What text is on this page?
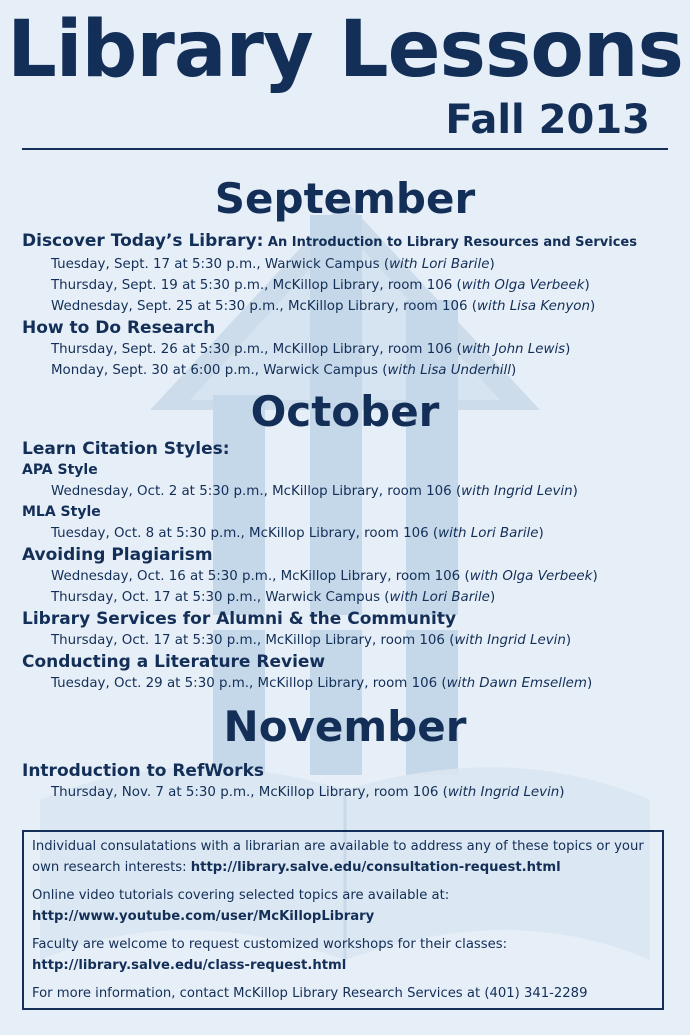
Library Lessons
Fall 2013
September
Discover Today’s Library: An Introduction to Library Resources and Services
Tuesday, Sept. 17 at 5:30 p.m., Warwick Campus (with Lori Barile)
Thursday, Sept. 19 at 5:30 p.m., McKillop Library, room 106 (with Olga Verbeek)
Wednesday, Sept. 25 at 5:30 p.m., McKillop Library, room 106 (with Lisa Kenyon)
How to Do Research
Thursday, Sept. 26 at 5:30 p.m., McKillop Library, room 106 (with John Lewis)
Monday, Sept. 30 at 6:00 p.m., Warwick Campus (with Lisa Underhill)
October
Learn Citation Styles:
APA Style
Wednesday, Oct. 2 at 5:30 p.m., McKillop Library, room 106 (with Ingrid Levin)
MLA Style
Tuesday, Oct. 8 at 5:30 p.m., McKillop Library, room 106 (with Lori Barile)
Avoiding Plagiarism
Wednesday, Oct. 16 at 5:30 p.m., McKillop Library, room 106 (with Olga Verbeek)
Thursday, Oct. 17 at 5:30 p.m., Warwick Campus (with Lori Barile)
Library Services for Alumni & the Community
Thursday, Oct. 17 at 5:30 p.m., McKillop Library, room 106 (with Ingrid Levin)
Conducting a Literature Review
Tuesday, Oct. 29 at 5:30 p.m., McKillop Library, room 106 (with Dawn Emsellem)
November
Introduction to RefWorks
Thursday, Nov. 7 at 5:30 p.m., McKillop Library, room 106 (with Ingrid Levin)

Individual consulatations with a librarian are available to address any of these topics or your own research interests: http://library.salve.edu/consultation-request.html

Online video tutorials covering selected topics are available at:
http://www.youtube.com/user/McKillopLibrary

Faculty are welcome to request customized workshops for their classes:
http://library.salve.edu/class-request.html

For more information, contact McKillop Library Research Services at (401) 341-2289
